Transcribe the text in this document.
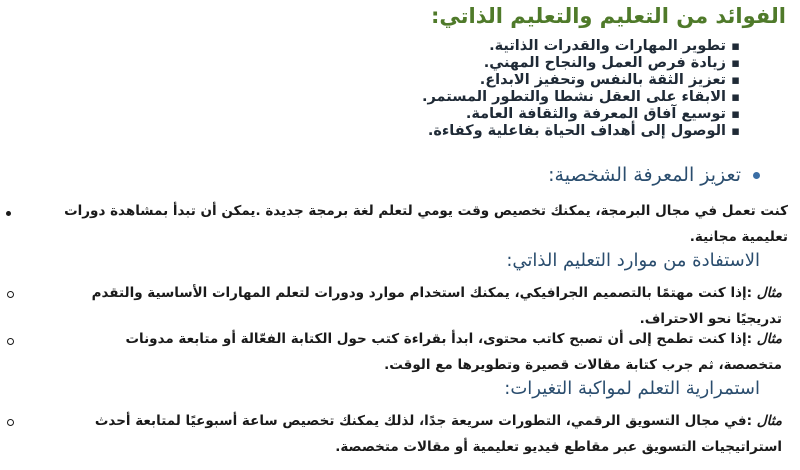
الفوائد من التعليم والتعليم الذاتي:
▪
تطوير المهارات والقدرات الذاتية.
▪
زيادة فرص العمل والنجاح المهني.
▪
تعزيز الثقة بالنفس وتحفيز الابداع.
▪
الابقاء على العقل نشطا والتطور المستمر.
▪
توسيع آفاق المعرفة والثقافة العامة.
▪
الوصول إلى أهداف الحياة بفاعلية وكفاءة.
تعزيز المعرفة الشخصية:
كنت تعمل في مجال البرمجة، يمكنك تخصيص وقت يومي لتعلم لغة برمجة جديدة .يمكن أن تبدأ بمشاهدة دورات
تعليمية مجانية.
الاستفادة من موارد التعليم الذاتي:
مثال :إذا كنت مهتمًا بالتصميم الجرافيكي، يمكنك استخدام موارد ودورات لتعلم المهارات الأساسية والتقدم
تدريجيًا نحو الاحتراف.
مثال :إذا كنت تطمح إلى أن تصبح كاتب محتوى، ابدأ بقراءة كتب حول الكتابة الفعّالة أو متابعة مدونات
متخصصة، ثم جرب كتابة مقالات قصيرة وتطويرها مع الوقت.
استمرارية التعلم لمواكبة التغيرات:
مثال :في مجال التسويق الرقمي، التطورات سريعة جدًا، لذلك يمكنك تخصيص ساعة أسبوعيًا لمتابعة أحدث
استراتيجيات التسويق عبر مقاطع فيديو تعليمية أو مقالات متخصصة.
